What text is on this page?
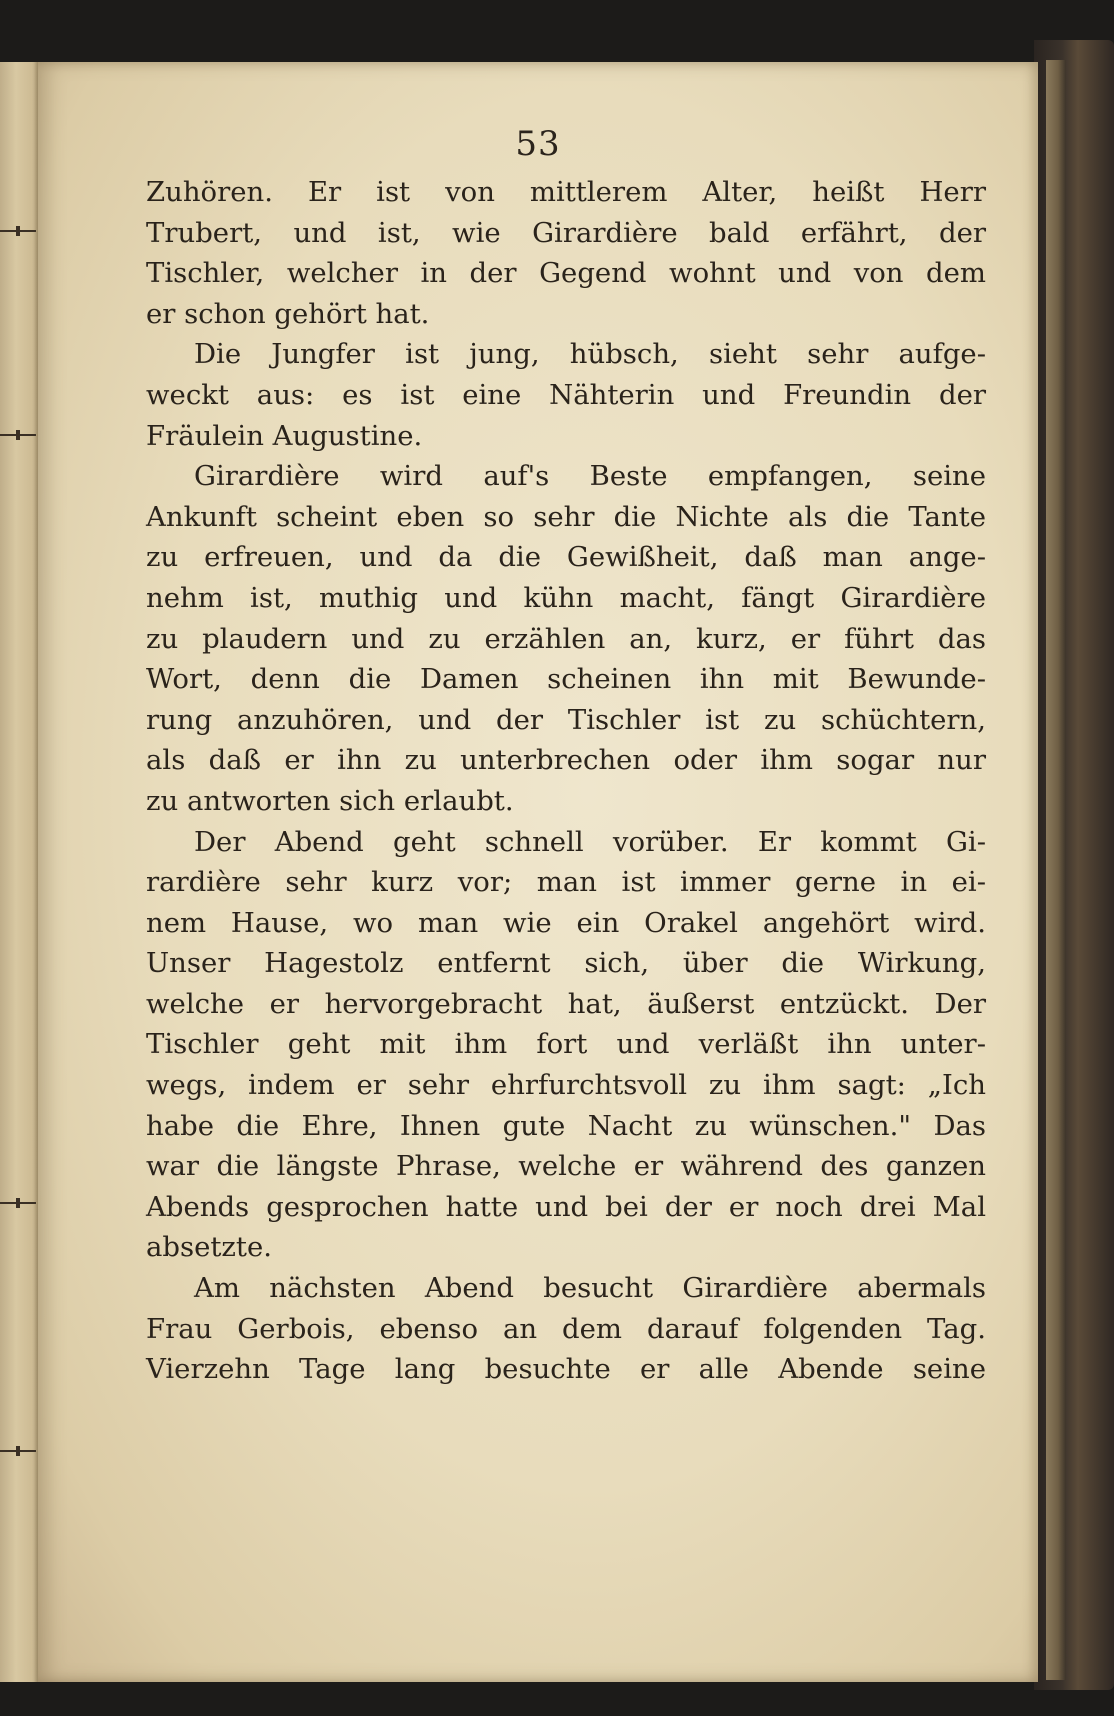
53
Zuhören. Er ist von mittlerem Alter, heißt Herr
Trubert, und ist, wie Girardière bald erfährt, der
Tischler, welcher in der Gegend wohnt und von dem
er schon gehört hat.
Die Jungfer ist jung, hübsch, sieht sehr aufge-
weckt aus: es ist eine Nähterin und Freundin der
Fräulein Augustine.
Girardière wird auf's Beste empfangen, seine
Ankunft scheint eben so sehr die Nichte als die Tante
zu erfreuen, und da die Gewißheit, daß man ange-
nehm ist, muthig und kühn macht, fängt Girardière
zu plaudern und zu erzählen an, kurz, er führt das
Wort, denn die Damen scheinen ihn mit Bewunde-
rung anzuhören, und der Tischler ist zu schüchtern,
als daß er ihn zu unterbrechen oder ihm sogar nur
zu antworten sich erlaubt.
Der Abend geht schnell vorüber. Er kommt Gi-
rardière sehr kurz vor; man ist immer gerne in ei-
nem Hause, wo man wie ein Orakel angehört wird.
Unser Hagestolz entfernt sich, über die Wirkung,
welche er hervorgebracht hat, äußerst entzückt. Der
Tischler geht mit ihm fort und verläßt ihn unter-
wegs, indem er sehr ehrfurchtsvoll zu ihm sagt: „Ich
habe die Ehre, Ihnen gute Nacht zu wünschen." Das
war die längste Phrase, welche er während des ganzen
Abends gesprochen hatte und bei der er noch drei Mal
absetzte.
Am nächsten Abend besucht Girardière abermals
Frau Gerbois, ebenso an dem darauf folgenden Tag.
Vierzehn Tage lang besuchte er alle Abende seine
